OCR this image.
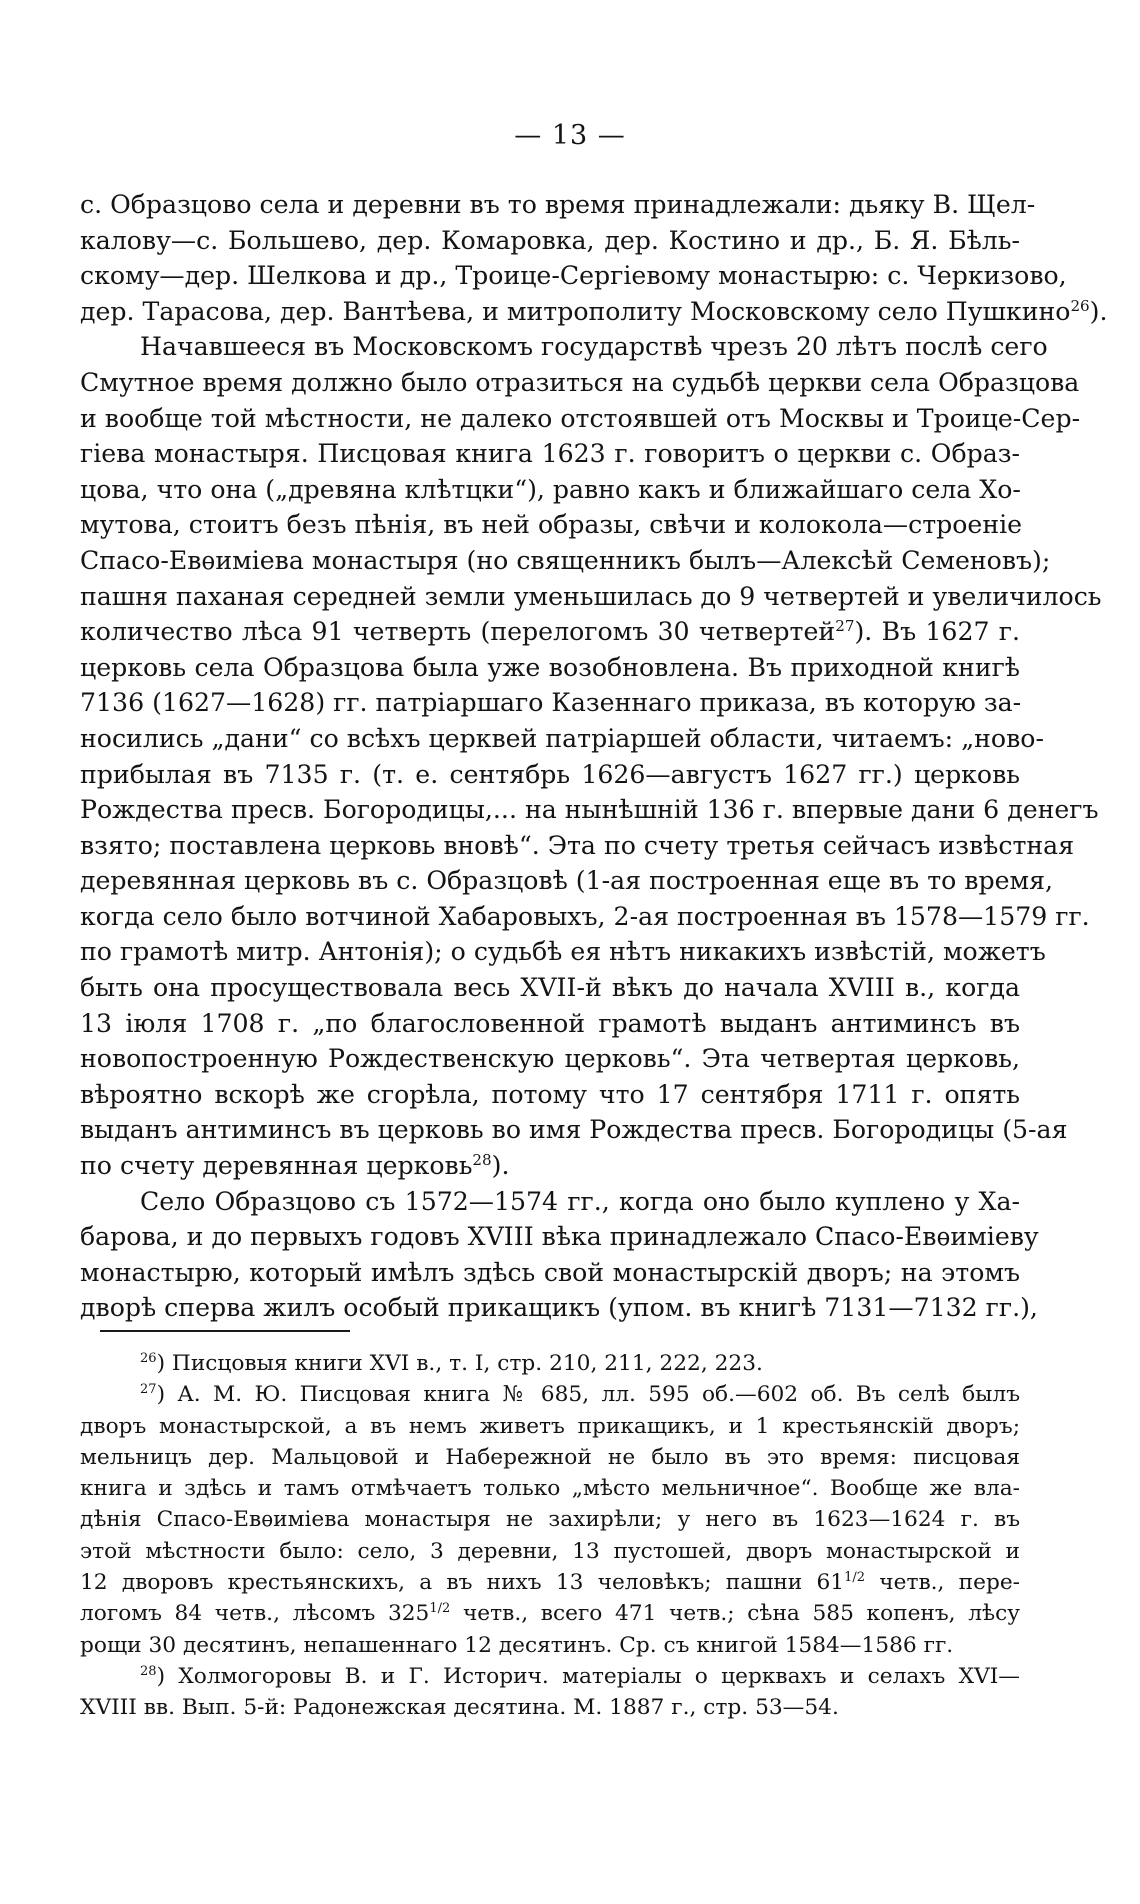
— 13 —

с. Образцово села и деревни въ то время принадлежали: дьяку В. Щел-
калову—с. Большево, дер. Комаровка, дер. Костино и др., Б. Я. Бѣль-
скому—дер. Шелкова и др., Троице-Сергіевому монастырю: с. Черкизово,
дер. Тарасова, дер. Вантѣева, и митрополиту Московскому село Пушкино$^{26}$).

Начавшееся въ Московскомъ государствѣ чрезъ 20 лѣтъ послѣ сего
Смутное время должно было отразиться на судьбѣ церкви села Образцова
и вообще той мѣстности, не далеко отстоявшей отъ Москвы и Троице-Сер-
гіева монастыря. Писцовая книга 1623 г. говоритъ о церкви с. Образ-
цова, что она („древяна клѣтцки“), равно какъ и ближайшаго села Хо-
мутова, стоитъ безъ пѣнія, въ ней образы, свѣчи и колокола—строеніе
Спасо-Евѳиміева монастыря (но священникъ былъ—Алексѣй Семеновъ);
пашня паханая середней земли уменьшилась до 9 четвертей и увеличилось
количество лѣса 91 четверть (перелогомъ 30 четвертей$^{27}$). Въ 1627 г.
церковь села Образцова была уже возобновлена. Въ приходной книгѣ
7136 (1627—1628) гг. патріаршаго Казеннаго приказа, въ которую за-
носились „дани“ со всѣхъ церквей патріаршей области, читаемъ: „ново-
прибылая въ 7135 г. (т. е. сентябрь 1626—августъ 1627 гг.) церковь
Рождества пресв. Богородицы,... на нынѣшній 136 г. впервые дани 6 денегъ
взято; поставлена церковь вновѣ“. Эта по счету третья сейчасъ извѣстная
деревянная церковь въ с. Образцовѣ (1-ая построенная еще въ то время,
когда село было вотчиной Хабаровыхъ, 2-ая построенная въ 1578—1579 гг.
по грамотѣ митр. Антонія); о судьбѣ ея нѣтъ никакихъ извѣстій, можетъ
быть она просуществовала весь XVII-й вѣкъ до начала XVIII в., когда
13 іюля 1708 г. „по благословенной грамотѣ выданъ антиминсъ въ
новопостроенную Рождественскую церковь“. Эта четвертая церковь,
вѣроятно вскорѣ же сгорѣла, потому что 17 сентября 1711 г. опять
выданъ антиминсъ въ церковь во имя Рождества пресв. Богородицы (5-ая
по счету деревянная церковь$^{28}$).

Село Образцово съ 1572—1574 гг., когда оно было куплено у Ха-
барова, и до первыхъ годовъ XVIII вѣка принадлежало Спасо-Евѳиміеву
монастырю, который имѣлъ здѣсь свой монастырскій дворъ; на этомъ
дворѣ сперва жилъ особый прикащикъ (упом. въ книгѣ 7131—7132 гг.),

$^{26}$) Писцовыя книги XVI в., т. I, стр. 210, 211, 222, 223.
$^{27}$) А. М. Ю. Писцовая книга № 685, лл. 595 об.—602 об. Въ селѣ былъ
дворъ монастырской, а въ немъ живетъ прикащикъ, и 1 крестьянскій дворъ;
мельницъ дер. Мальцовой и Набережной не было въ это время: писцовая
книга и здѣсь и тамъ отмѣчаетъ только „мѣсто мельничное“. Вообще же вла-
дѣнія Спасо-Евѳиміева монастыря не захирѣли; у него въ 1623—1624 г. въ
этой мѣстности было: село, 3 деревни, 13 пустошей, дворъ монастырской и
12 дворовъ крестьянскихъ, а въ нихъ 13 человѣкъ; пашни $61^{1/2}$ четв., пере-
логомъ 84 четв., лѣсомъ $325^{1/2}$ четв., всего 471 четв.; сѣна 585 копенъ, лѣсу
рощи 30 десятинъ, непашеннаго 12 десятинъ. Ср. съ книгой 1584—1586 гг.
$^{28}$) Холмогоровы В. и Г. Историч. матеріалы о церквахъ и селахъ XVI—
XVIII вв. Вып. 5-й: Радонежская десятина. М. 1887 г., стр. 53—54.
